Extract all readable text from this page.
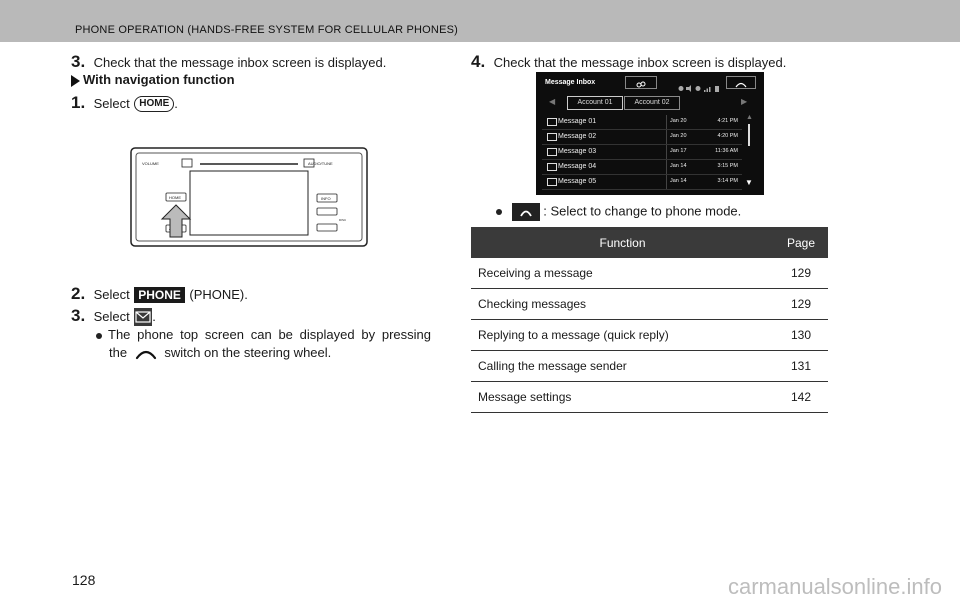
PHONE OPERATION (HANDS-FREE SYSTEM FOR CELLULAR PHONES)
3. Check that the message inbox screen is displayed.
With navigation function
1. Select HOME .
VOLUME	AUDIO/TUNE
HOME	INFO
DISC
2. Select PHONE (PHONE).
3. Select .
The phone top screen can be displayed by pressing
the	switch on the steering wheel.
4. Check that the message inbox screen is displayed.
Message Inbox
◀	Account 01	Account 02	▶
Message 01	Jan 20	4:21 PM
Message 02	Jan 20	4:20 PM
Message 03	Jan 17	11:36 AM
Message 04	Jan 14	3:15 PM
Message 05	Jan 14	3:14 PM
▲
▼
: Select to change to phone mode.
Function	Page
Receiving a message	129
Checking messages	129
Replying to a message (quick reply)	130
Calling the message sender	131
Message settings	142
128	carmanualsonline.info
